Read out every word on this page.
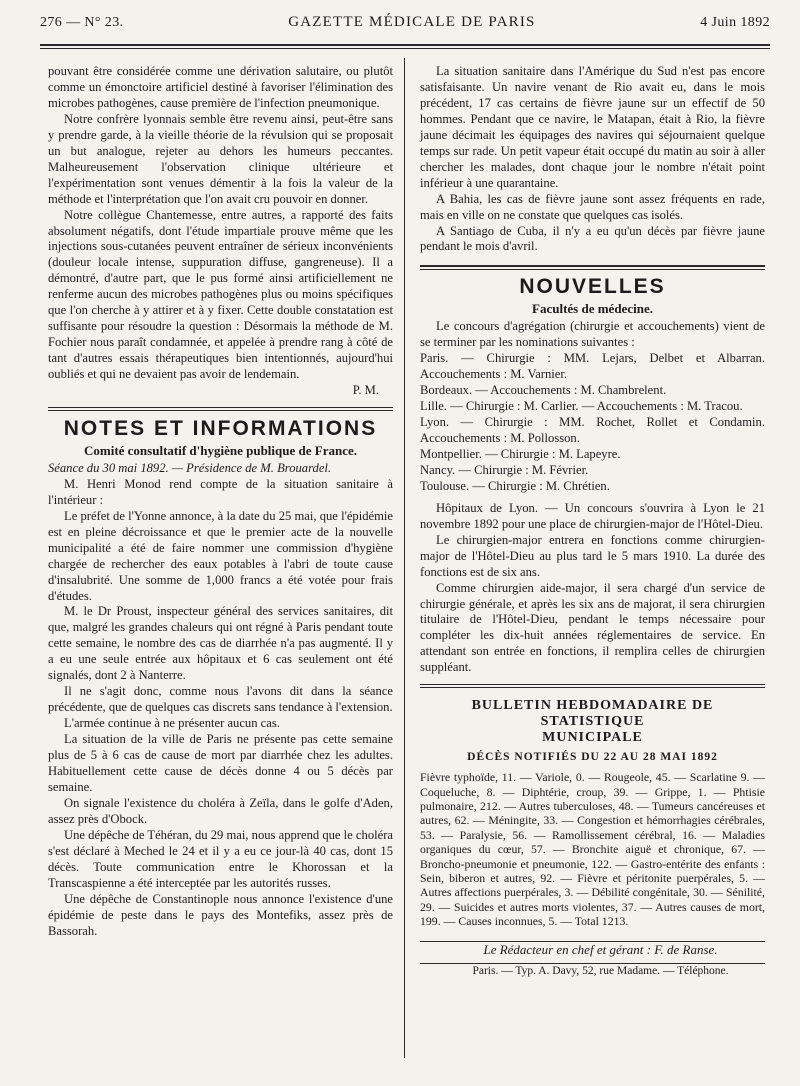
276 — N° 23.	GAZETTE MÉDICALE DE PARIS	4 Juin 1892

pouvant être considérée comme une dérivation salutaire, ou plutôt comme un émonctoire artificiel destiné à favoriser l'élimination des microbes pathogènes, cause première de l'infection pneumonique.

Notre confrère lyonnais semble être revenu ainsi, peut-être sans y prendre garde, à la vieille théorie de la révulsion qui se proposait un but analogue, rejeter au dehors les humeurs peccantes. Malheureusement l'observation clinique ultérieure et l'expérimentation sont venues démentir à la fois la valeur de la méthode et l'interprétation que l'on avait cru pouvoir en donner.

Notre collègue Chantemesse, entre autres, a rapporté des faits absolument négatifs, dont l'étude impartiale prouve même que les injections sous-cutanées peuvent entraîner de sérieux inconvénients (douleur locale intense, suppuration diffuse, gangreneuse). Il a démontré, d'autre part, que le pus formé ainsi artificiellement ne renferme aucun des microbes pathogènes plus ou moins spécifiques que l'on cherche à y attirer et à y fixer. Cette double constatation est suffisante pour résoudre la question : Désormais la méthode de M. Fochier nous paraît condamnée, et appelée à prendre rang à côté de tant d'autres essais thérapeutiques bien intentionnés, aujourd'hui oubliés et qui ne devaient pas avoir de lendemain.

P. M.

NOTES ET INFORMATIONS
Comité consultatif d'hygiène publique de France.

Séance du 30 mai 1892. — Présidence de M. Brouardel.

M. Henri Monod rend compte de la situation sanitaire à l'intérieur :

Le préfet de l'Yonne annonce, à la date du 25 mai, que l'épidémie est en pleine décroissance et que le premier acte de la nouvelle municipalité a été de faire nommer une commission d'hygiène chargée de rechercher des eaux potables à l'abri de toute cause d'insalubrité. Une somme de 1,000 francs a été votée pour frais d'études.

M. le Dr Proust, inspecteur général des services sanitaires, dit que, malgré les grandes chaleurs qui ont régné à Paris pendant toute cette semaine, le nombre des cas de diarrhée n'a pas augmenté. Il y a eu une seule entrée aux hôpitaux et 6 cas seulement ont été signalés, dont 2 à Nanterre.

Il ne s'agit donc, comme nous l'avons dit dans la séance précédente, que de quelques cas discrets sans tendance à l'extension.

L'armée continue à ne présenter aucun cas.

La situation de la ville de Paris ne présente pas cette semaine plus de 5 à 6 cas de cause de mort par diarrhée chez les adultes. Habituellement cette cause de décès donne 4 ou 5 décès par semaine.

On signale l'existence du choléra à Zeïla, dans le golfe d'Aden, assez près d'Obock.

Une dépêche de Téhéran, du 29 mai, nous apprend que le choléra s'est déclaré à Meched le 24 et il y a eu ce jour-là 40 cas, dont 15 décès. Toute communication entre le Khorossan et la Transcaspienne a été interceptée par les autorités russes.

Une dépêche de Constantinople nous annonce l'existence d'une épidémie de peste dans le pays des Montefiks, assez près de Bassorah.

La situation sanitaire dans l'Amérique du Sud n'est pas encore satisfaisante. Un navire venant de Rio avait eu, dans le mois précédent, 17 cas certains de fièvre jaune sur un effectif de 50 hommes. Pendant que ce navire, le Matapan, était à Rio, la fièvre jaune décimait les équipages des navires qui séjournaient quelque temps sur rade. Un petit vapeur était occupé du matin au soir à aller chercher les malades, dont chaque jour le nombre n'était point inférieur à une quarantaine.

A Bahia, les cas de fièvre jaune sont assez fréquents en rade, mais en ville on ne constate que quelques cas isolés.

A Santiago de Cuba, il n'y a eu qu'un décès par fièvre jaune pendant le mois d'avril.

NOUVELLES
Facultés de médecine.

Le concours d'agrégation (chirurgie et accouchements) vient de se terminer par les nominations suivantes :

Paris. — Chirurgie : MM. Lejars, Delbet et Albarran. Accouchements : M. Varnier.

Bordeaux. — Accouchements : M. Chambrelent.

Lille. — Chirurgie : M. Carlier. — Accouchements : M. Tracou.

Lyon. — Chirurgie : MM. Rochet, Rollet et Condamin. Accouchements : M. Pollosson.

Montpellier. — Chirurgie : M. Lapeyre.

Nancy. — Chirurgie : M. Février.

Toulouse. — Chirurgie : M. Chrétien.

Hôpitaux de Lyon. — Un concours s'ouvrira à Lyon le 21 novembre 1892 pour une place de chirurgien-major de l'Hôtel-Dieu.

Le chirurgien-major entrera en fonctions comme chirurgien-major de l'Hôtel-Dieu au plus tard le 5 mars 1910. La durée des fonctions est de six ans.

Comme chirurgien aide-major, il sera chargé d'un service de chirurgie générale, et après les six ans de majorat, il sera chirurgien titulaire de l'Hôtel-Dieu, pendant le temps nécessaire pour compléter les dix-huit années réglementaires de service. En attendant son entrée en fonctions, il remplira celles de chirurgien suppléant.

BULLETIN HEBDOMADAIRE DE STATISTIQUE
MUNICIPALE
DÉCÈS NOTIFIÉS DU 22 AU 28 MAI 1892

Fièvre typhoïde, 11. — Variole, 0. — Rougeole, 45. — Scarlatine 9. — Coqueluche, 8. — Diphtérie, croup, 39. — Grippe, 1. — Phtisie pulmonaire, 212. — Autres tuberculoses, 48. — Tumeurs cancéreuses et autres, 62. — Méningite, 33. — Congestion et hémorrhagies cérébrales, 53. — Paralysie, 56. — Ramollissement cérébral, 16. — Maladies organiques du cœur, 57. — Bronchite aiguë et chronique, 67. — Broncho-pneumonie et pneumonie, 122. — Gastro-entérite des enfants : Sein, biberon et autres, 92. — Fièvre et péritonite puerpérales, 5. — Autres affections puerpérales, 3. — Débilité congénitale, 30. — Sénilité, 29. — Suicides et autres morts violentes, 37. — Autres causes de mort, 199. — Causes inconnues, 5. — Total 1213.

Le Rédacteur en chef et gérant : F. de Ranse.

Paris. — Typ. A. Davy, 52, rue Madame. — Téléphone.
